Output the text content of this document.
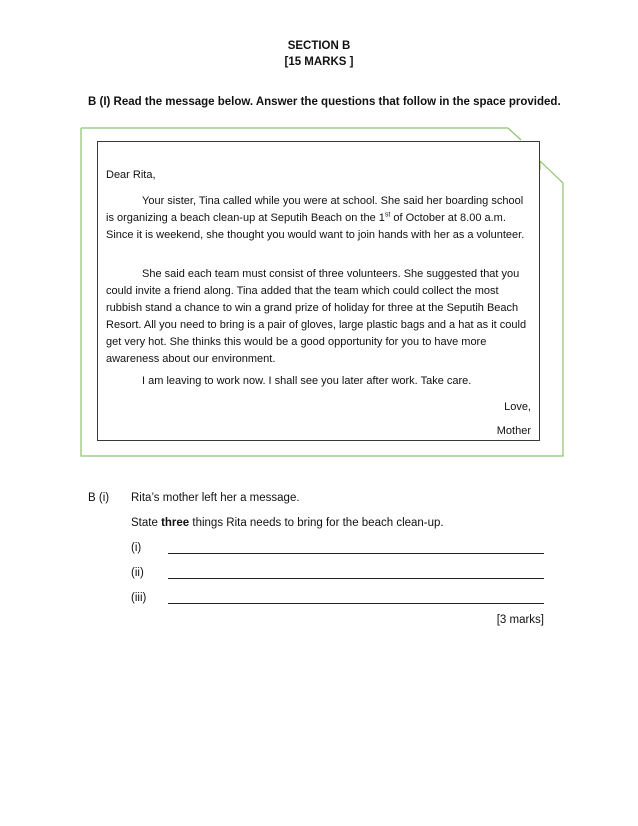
SECTION B
[15 MARKS ]
B (I) Read the message below. Answer the questions that follow in the space provided.
Dear Rita,
Your sister, Tina called while you were at school. She said her boarding school is organizing a beach clean-up at Seputih Beach on the 1st of October at 8.00 a.m. Since it is weekend, she thought you would want to join hands with her as a volunteer.
She said each team must consist of three volunteers. She suggested that you could invite a friend along. Tina added that the team which could collect the most rubbish stand a chance to win a grand prize of holiday for three at the Seputih Beach Resort. All you need to bring is a pair of gloves, large plastic bags and a hat as it could get very hot. She thinks this would be a good opportunity for you to have more awareness about our environment.
I am leaving to work now. I shall see you later after work. Take care.
Love,
Mother
B (i) Rita’s mother left her a message.
State three things Rita needs to bring for the beach clean-up.
(i)
(ii)
(iii)
[3 marks]
